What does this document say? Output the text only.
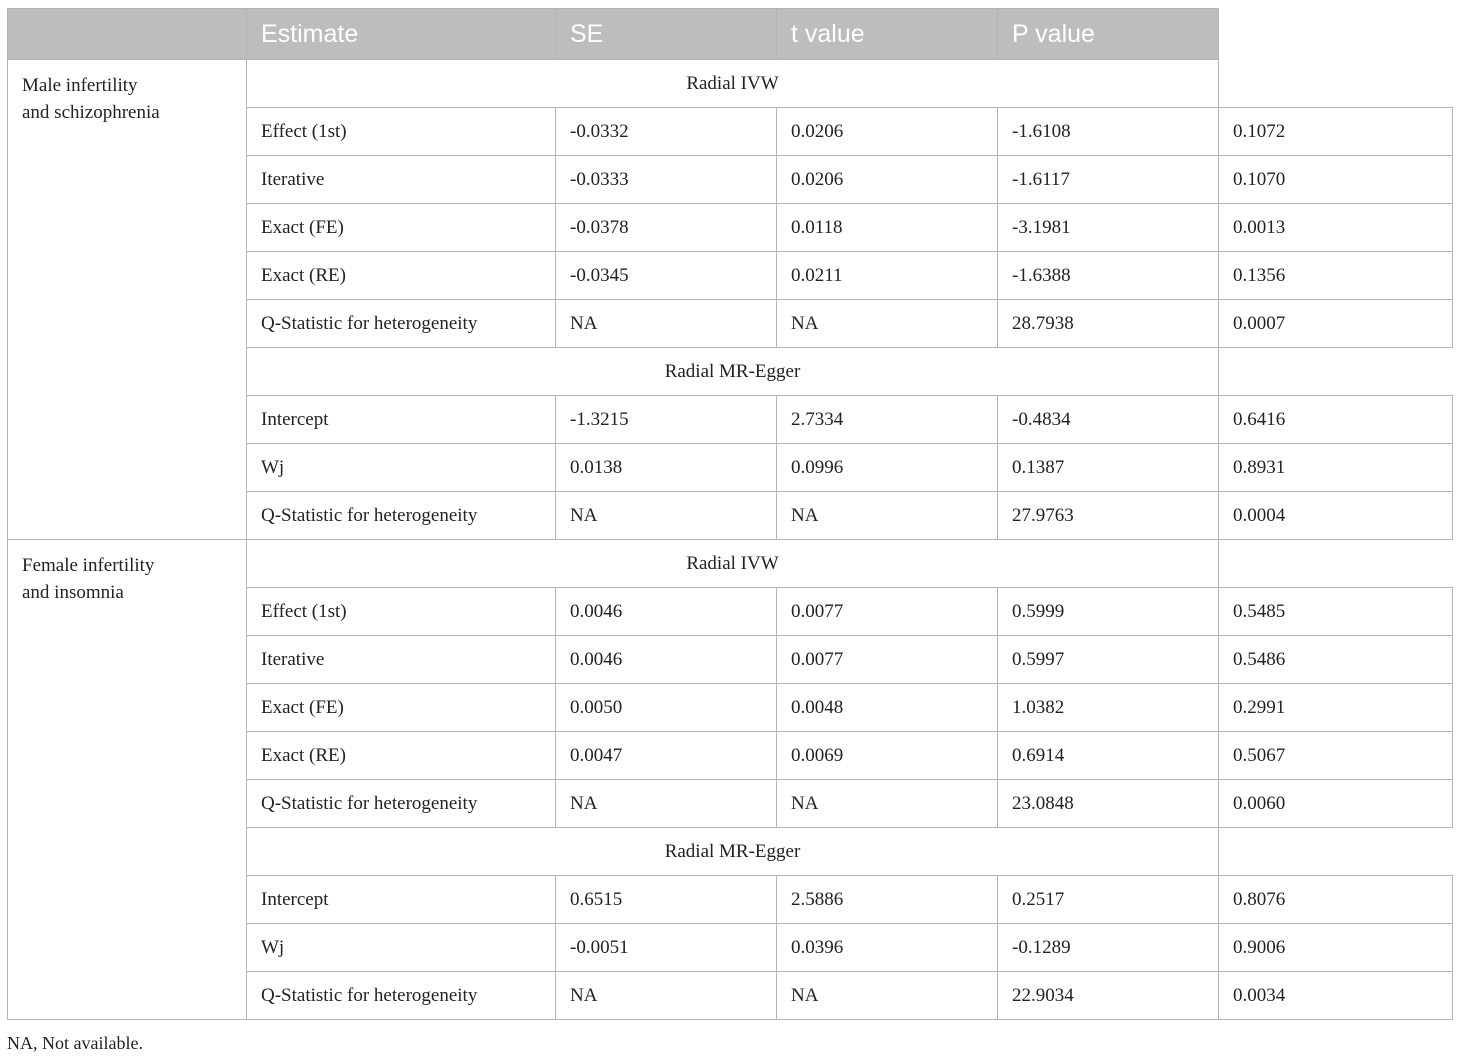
	Estimate	SE	t value	P value	

Male infertility
and schizophrenia	Radial IVW				
	Effect (1st)	-0.0332	0.0206	-1.6108	0.1072
	Iterative	-0.0333	0.0206	-1.6117	0.1070
	Exact (FE)	-0.0378	0.0118	-3.1981	0.0013
	Exact (RE)	-0.0345	0.0211	-1.6388	0.1356
	Q-Statistic for heterogeneity	NA	NA	28.7938	0.0007
	Radial MR-Egger				
	Intercept	-1.3215	2.7334	-0.4834	0.6416
	Wj	0.0138	0.0996	0.1387	0.8931
	Q-Statistic for heterogeneity	NA	NA	27.9763	0.0004

Female infertility
and insomnia	Radial IVW				
	Effect (1st)	0.0046	0.0077	0.5999	0.5485
	Iterative	0.0046	0.0077	0.5997	0.5486
	Exact (FE)	0.0050	0.0048	1.0382	0.2991
	Exact (RE)	0.0047	0.0069	0.6914	0.5067
	Q-Statistic for heterogeneity	NA	NA	23.0848	0.0060
	Radial MR-Egger				
	Intercept	0.6515	2.5886	0.2517	0.8076
	Wj	-0.0051	0.0396	-0.1289	0.9006
	Q-Statistic for heterogeneity	NA	NA	22.9034	0.0034
NA, Not available.
